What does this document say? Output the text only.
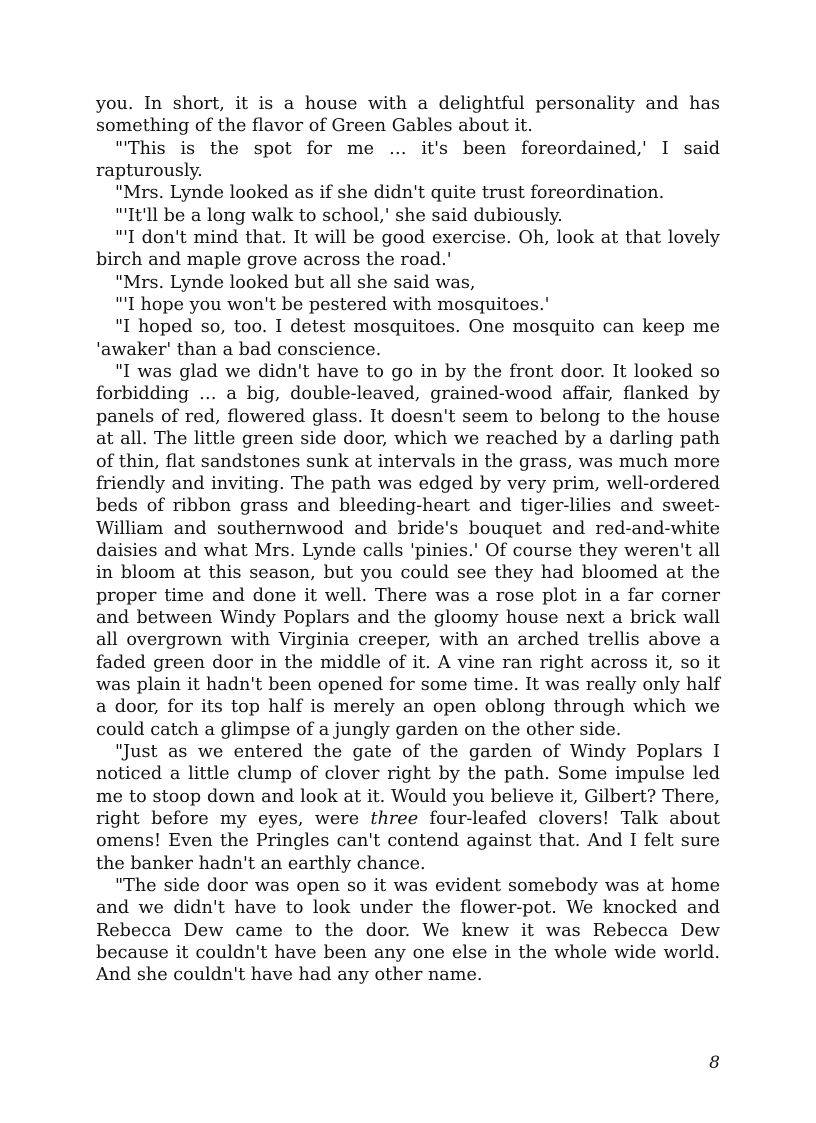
you. In short, it is a house with a delightful personality and has something of the flavor of Green Gables about it.

"'This is the spot for me … it's been foreordained,' I said rapturously.

"Mrs. Lynde looked as if she didn't quite trust foreordination.

"'It'll be a long walk to school,' she said dubiously.

"'I don't mind that. It will be good exercise. Oh, look at that lovely birch and maple grove across the road.'

"Mrs. Lynde looked but all she said was,

"'I hope you won't be pestered with mosquitoes.'

"I hoped so, too. I detest mosquitoes. One mosquito can keep me 'awaker' than a bad conscience.

"I was glad we didn't have to go in by the front door. It looked so forbidding … a big, double-leaved, grained-wood affair, flanked by panels of red, flowered glass. It doesn't seem to belong to the house at all. The little green side door, which we reached by a darling path of thin, flat sandstones sunk at intervals in the grass, was much more friendly and inviting. The path was edged by very prim, well-ordered beds of ribbon grass and bleeding-heart and tiger-lilies and sweet-William and southernwood and bride's bouquet and red-and-white daisies and what Mrs. Lynde calls 'pinies.' Of course they weren't all in bloom at this season, but you could see they had bloomed at the proper time and done it well. There was a rose plot in a far corner and between Windy Poplars and the gloomy house next a brick wall all overgrown with Virginia creeper, with an arched trellis above a faded green door in the middle of it. A vine ran right across it, so it was plain it hadn't been opened for some time. It was really only half a door, for its top half is merely an open oblong through which we could catch a glimpse of a jungly garden on the other side.

"Just as we entered the gate of the garden of Windy Poplars I noticed a little clump of clover right by the path. Some impulse led me to stoop down and look at it. Would you believe it, Gilbert? There, right before my eyes, were three four-leafed clovers! Talk about omens! Even the Pringles can't contend against that. And I felt sure the banker hadn't an earthly chance.

"The side door was open so it was evident somebody was at home and we didn't have to look under the flower-pot. We knocked and Rebecca Dew came to the door. We knew it was Rebecca Dew because it couldn't have been any one else in the whole wide world. And she couldn't have had any other name.

8
